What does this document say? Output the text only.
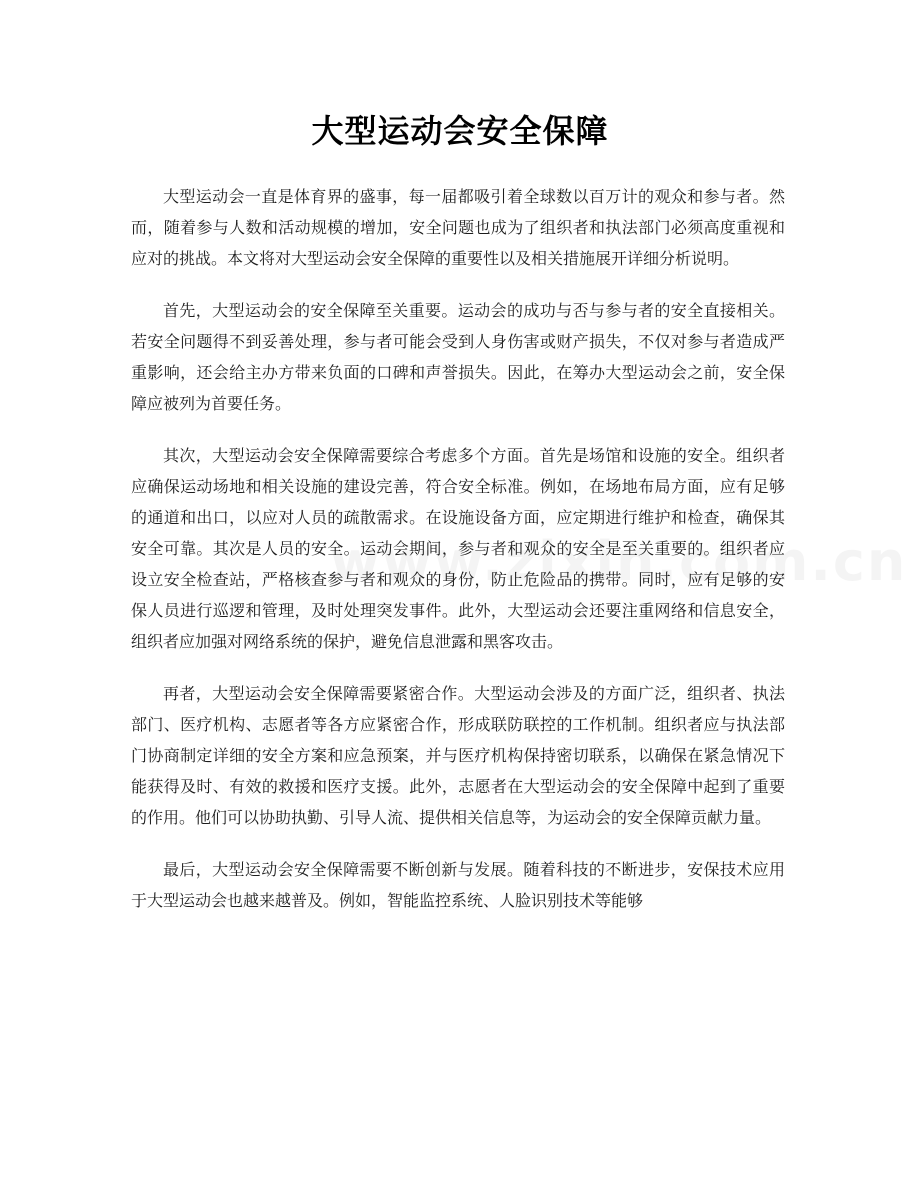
大型运动会安全保障

大型运动会一直是体育界的盛事，每一届都吸引着全球数以百万计的观众和参与者。然而，随着参与人数和活动规模的增加，安全问题也成为了组织者和执法部门必须高度重视和应对的挑战。本文将对大型运动会安全保障的重要性以及相关措施展开详细分析说明。

首先，大型运动会的安全保障至关重要。运动会的成功与否与参与者的安全直接相关。若安全问题得不到妥善处理，参与者可能会受到人身伤害或财产损失，不仅对参与者造成严重影响，还会给主办方带来负面的口碑和声誉损失。因此，在筹办大型运动会之前，安全保障应被列为首要任务。

其次，大型运动会安全保障需要综合考虑多个方面。首先是场馆和设施的安全。组织者应确保运动场地和相关设施的建设完善，符合安全标准。例如，在场地布局方面，应有足够的通道和出口，以应对人员的疏散需求。在设施设备方面，应定期进行维护和检查，确保其安全可靠。其次是人员的安全。运动会期间，参与者和观众的安全是至关重要的。组织者应设立安全检查站，严格核查参与者和观众的身份，防止危险品的携带。同时，应有足够的安保人员进行巡逻和管理，及时处理突发事件。此外，大型运动会还要注重网络和信息安全，组织者应加强对网络系统的保护，避免信息泄露和黑客攻击。

再者，大型运动会安全保障需要紧密合作。大型运动会涉及的方面广泛，组织者、执法部门、医疗机构、志愿者等各方应紧密合作，形成联防联控的工作机制。组织者应与执法部门协商制定详细的安全方案和应急预案，并与医疗机构保持密切联系，以确保在紧急情况下能获得及时、有效的救援和医疗支援。此外，志愿者在大型运动会的安全保障中起到了重要的作用。他们可以协助执勤、引导人流、提供相关信息等，为运动会的安全保障贡献力量。

最后，大型运动会安全保障需要不断创新与发展。随着科技的不断进步，安保技术应用于大型运动会也越来越普及。例如，智能监控系统、人脸识别技术等能够
